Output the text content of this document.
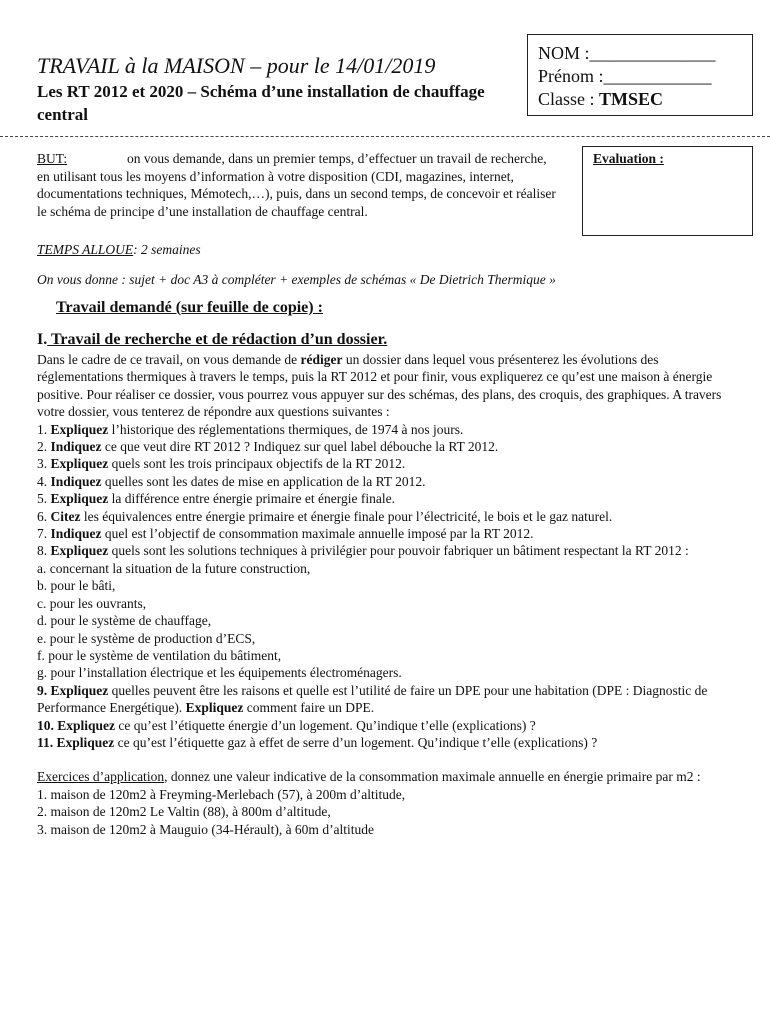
TRAVAIL à la MAISON – pour le 14/01/2019
Les RT 2012 et 2020 – Schéma d’une installation de chauffage central
NOM :______________
Prénom :____________
Classe : TMSEC
Evaluation :
BUT:	on vous demande, dans un premier temps, d’effectuer un travail de recherche, en utilisant tous les moyens d’information à votre disposition (CDI, magazines, internet, documentations techniques, Mémotech,…), puis, dans un second temps, de concevoir et réaliser le schéma de principe d’une installation de chauffage central.
TEMPS ALLOUE: 2 semaines
On vous donne : sujet + doc A3 à compléter + exemples de schémas « De Dietrich Thermique »
Travail demandé (sur feuille de copie) :
I. Travail de recherche et de rédaction d’un dossier.

Dans le cadre de ce travail, on vous demande de rédiger un dossier dans lequel vous présenterez les évolutions des réglementations thermiques à travers le temps, puis la RT 2012 et pour finir, vous expliquerez ce qu’est une maison à énergie positive. Pour réaliser ce dossier, vous pourrez vous appuyer sur des schémas, des plans, des croquis, des graphiques. A travers votre dossier, vous tenterez de répondre aux questions suivantes :

1. Expliquez l’historique des réglementations thermiques, de 1974 à nos jours.

2. Indiquez ce que veut dire RT 2012 ? Indiquez sur quel label débouche la RT 2012.

3. Expliquez quels sont les trois principaux objectifs de la RT 2012.

4. Indiquez quelles sont les dates de mise en application de la RT 2012.

5. Expliquez la différence entre énergie primaire et énergie finale.

6. Citez les équivalences entre énergie primaire et énergie finale pour l’électricité, le bois et le gaz naturel.

7. Indiquez quel est l’objectif de consommation maximale annuelle imposé par la RT 2012.

8. Expliquez quels sont les solutions techniques à privilégier pour pouvoir fabriquer un bâtiment respectant la RT 2012 :

a. concernant la situation de la future construction,

b. pour le bâti,

c. pour les ouvrants,

d. pour le système de chauffage,

e. pour le système de production d’ECS,

f. pour le système de ventilation du bâtiment,

g. pour l’installation électrique et les équipements électroménagers.

9. Expliquez quelles peuvent être les raisons et quelle est l’utilité de faire un DPE pour une habitation (DPE : Diagnostic de Performance Energétique). Expliquez comment faire un DPE.

10. Expliquez ce qu’est l’étiquette énergie d’un logement. Qu’indique t’elle (explications) ?

11. Expliquez ce qu’est l’étiquette gaz à effet de serre d’un logement. Qu’indique t’elle (explications) ?

Exercices d’application, donnez une valeur indicative de la consommation maximale annuelle en énergie primaire par m2 :

1. maison de 120m2 à Freyming-Merlebach (57), à 200m d’altitude,

2. maison de 120m2 Le Valtin (88), à 800m d’altitude,

3. maison de 120m2 à Mauguio (34-Hérault), à 60m d’altitude
